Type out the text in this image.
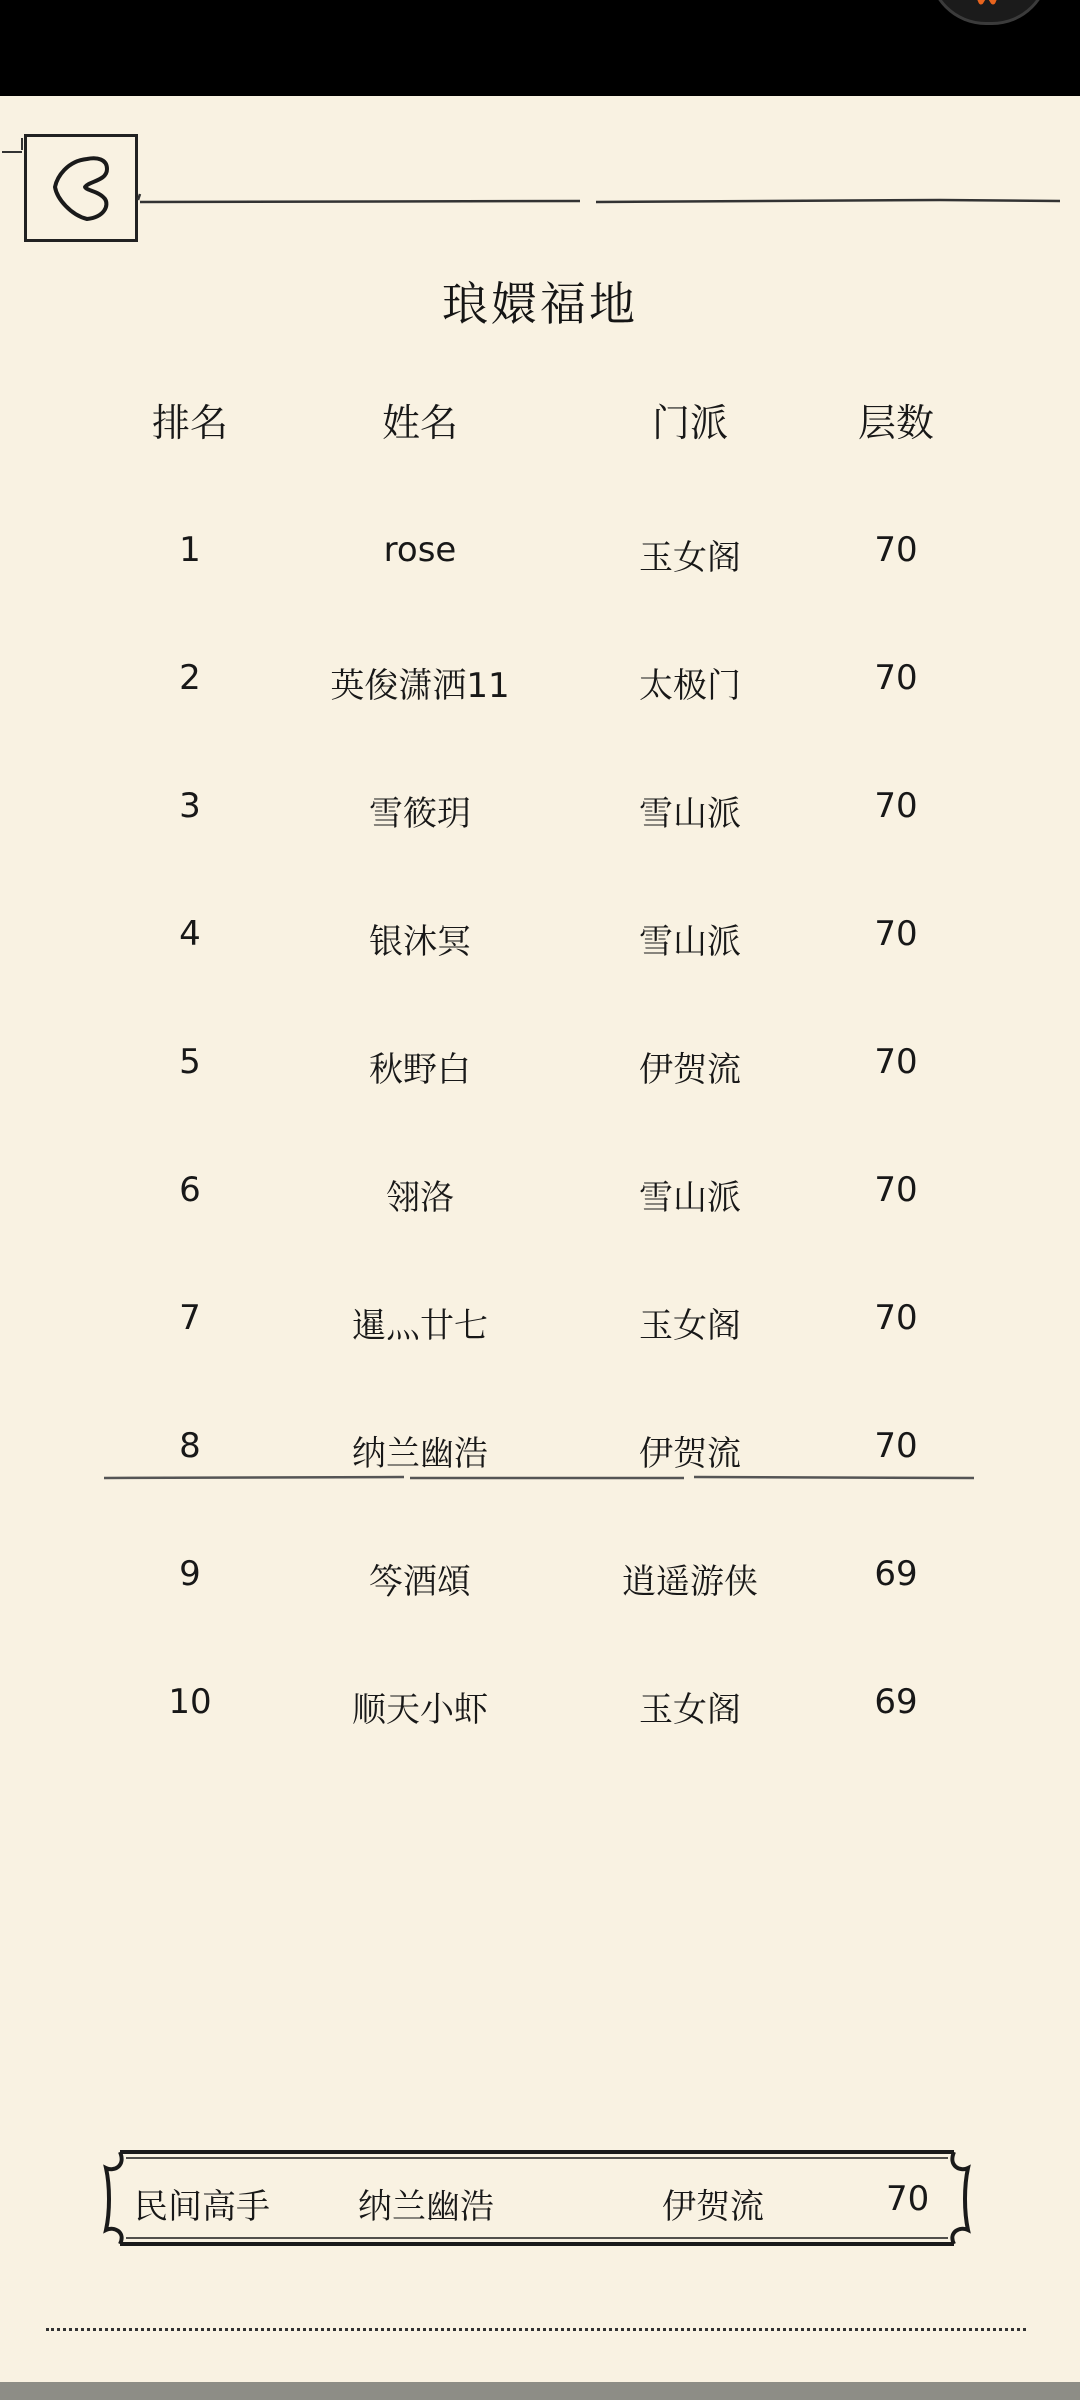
琅嬛福地
排名	姓名	门派	层数
1	rose	玉女阁	70
2	英俊潇洒11	太极门	70
3	雪筱玥	雪山派	70
4	银沐冥	雪山派	70
5	秋野白	伊贺流	70
6	翎洛	雪山派	70
7	暹灬廿七	玉女阁	70
8	纳兰幽浩	伊贺流	70
9	笒酒頌	逍遥游侠	69
10	顺天小虾	玉女阁	69
民间高手	纳兰幽浩	伊贺流	70
